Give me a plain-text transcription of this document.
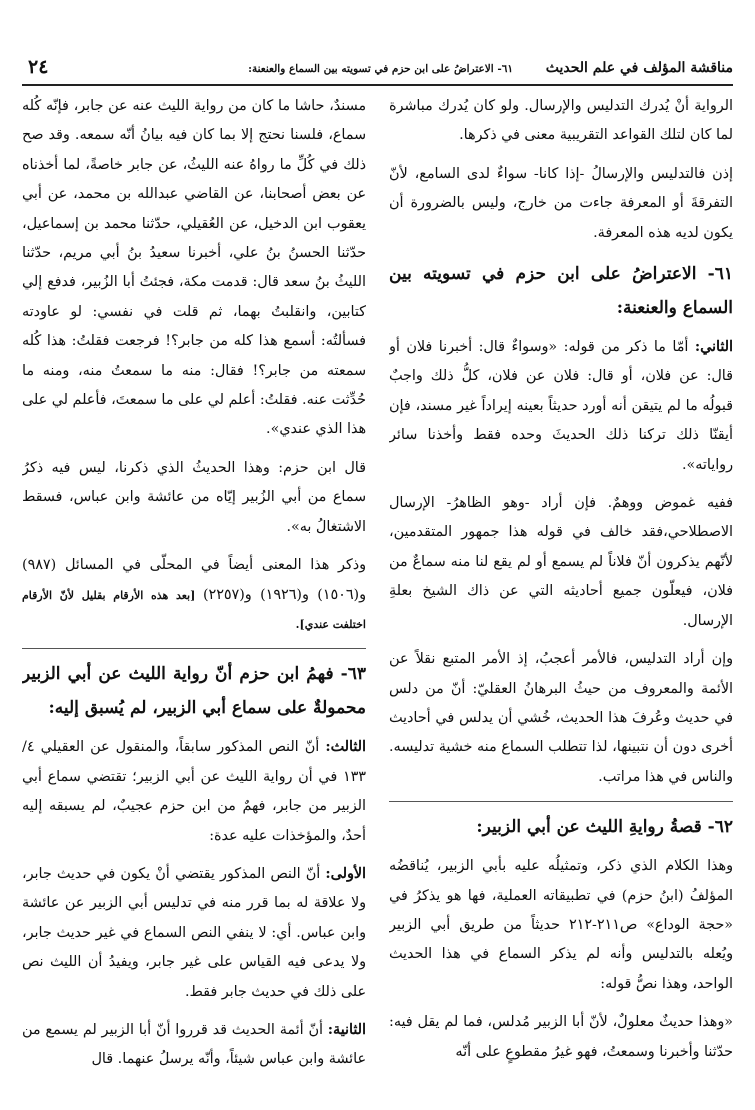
مناقشة المؤلف في علم الحديث
٦١- الاعتراضُ على ابن حزم في تسويته بين السماع والعنعنة:
٢٤

الرواية أنْ يُدرك التدليس والإرسال. ولو كان يُدرك مباشرة لما كان لتلك القواعد التقريبية معنى في ذكرها.

إذن فالتدليس والإرسالُ -إذا كانا- سواءٌ لدى السامع، لأنّ التفرقةَ أو المعرفة جاءت من خارج، وليس بالضرورة أن يكون لديه هذه المعرفة.

٦١- الاعتراضُ على ابن حزم في تسويته بين السماع والعنعنة:

الثاني: أمّا ما ذكر من قوله: «وسواءٌ قال: أخبرنا فلان أو قال: عن فلان، أو قال: فلان عن فلان، كلُّ ذلك واجبٌ قبولُه ما لم يتيقن أنه أورد حديثاً بعينه إيراداً غير مسند، فإن أيقنّا ذلك تركنا ذلك الحديثَ وحده فقط وأخذنا سائر رواياته».

ففيه غموض ووهمٌ. فإن أراد -وهو الظاهرُ- الإرسال الاصطلاحي،فقد خالف في قوله هذا جمهور المتقدمين، لأنّهم يذكرون أنّ فلاناً لم يسمع أو لم يقع لنا منه سماعٌ من فلان، فيعلّون جميع أحاديثه التي عن ذاك الشيخ بعلةِ الإرسال.

وإن أراد التدليس، فالأمر أعجبُ، إذ الأمر المتبع نقلاً عن الأئمة والمعروف من حيثُ البرهانُ العقليّ: أنّ من دلس في حديث وعُرفَ هذا الحديث، خُشي أن يدلس في أحاديث أخرى دون أن نتبينها، لذا تتطلب السماع منه خشية تدليسه. والناس في هذا مراتب.

٦٢- قصةُ روايةِ الليث عن أبي الزبير:

وهذا الكلام الذي ذكر، وتمثيلُه عليه بأبي الزبير، يُناقضُه المؤلفُ (ابنُ حزم) في تطبيقاته العملية، فها هو يذكرُ في «حجة الوداع» ص٢١١-٢١٢ حديثاً من طريق أبي الزبير ويُعله بالتدليس وأنه لم يذكر السماع في هذا الحديث الواحد، وهذا نصُّ قوله:

«وهذا حديثٌ معلولٌ، لأنّ أبا الزبير مُدلس، فما لم يقل فيه: حدّثنا وأخبرنا وسمعتُ، فهو غيرُ مقطوعٍ على أنّه

مسندٌ، حاشا ما كان من رواية الليث عنه عن جابر، فإنّه كُله سماع، فلسنا نحتج إلا بما كان فيه بيانُ أنّه سمعه. وقد صح ذلك في كُلِّ ما رواهُ عنه الليثُ، عن جابر خاصةً، لما أخذناه عن بعض أصحابنا، عن القاضي عبدالله بن محمد، عن أبي يعقوب ابن الدخيل، عن العُقيلي، حدّثنا محمد بن إسماعيل، حدّثنا الحسنُ بنُ علي، أخبرنا سعيدُ بنُ أبي مريم، حدّثنا الليثُ بنُ سعد قال: قدمت مكة، فجئتُ أبا الزُبير، فدفع إلي كتابين، وانقلبتُ بهما، ثم قلت في نفسي: لو عاودته فسألتُه: أسمع هذا كله من جابر؟! فرجعت فقلتُ: هذا كُله سمعته من جابر؟! فقال: منه ما سمعتُ منه، ومنه ما حُدِّثت عنه. فقلتُ: أعلم لي على ما سمعتَ، فأعلم لي على هذا الذي عندي».

قال ابن حزم: وهذا الحديثُ الذي ذكرنا، ليس فيه ذكرُ سماع من أبي الزُبير إيّاه من عائشة وابن عباس، فسقط الاشتغالُ به».

وذكر هذا المعنى أيضاً في المحلّى في المسائل (٩٨٧) و(١٥٠٦) و(١٩٢٦) و(٢٢٥٧) [بعد هذه الأرقام بقليل لأنّ الأرقام اختلفت عندي].

٦٣- فهمُ ابن حزم أنّ رواية الليث عن أبي الزبير محمولةٌ على سماع أبي الزبير، لم يُسبق إليه:

الثالث: أنّ النص المذكور سابقاً، والمنقول عن العقيلي ٤/ ١٣٣ في أن رواية الليث عن أبي الزبير؛ تقتضي سماع أبي الزبير من جابر، فهمٌ من ابن حزم عجيبٌ، لم يسبقه إليه أحدٌ، والمؤخذات عليه عدة:

الأولى: أنّ النص المذكور يقتضي أنْ يكون في حديث جابر، ولا علاقة له بما قرر منه في تدليس أبي الزبير عن عائشة وابن عباس. أي: لا ينفي النص السماع في غير حديث جابر، ولا يدعى فيه القياس على غير جابر، ويفيدُ أن الليث نص على ذلك في حديث جابر فقط.

الثانية: أنّ أئمة الحديث قد قرروا أنّ أبا الزبير لم يسمع من عائشة وابن عباس شيئاً، وأنّه يرسلُ عنهما. قال
